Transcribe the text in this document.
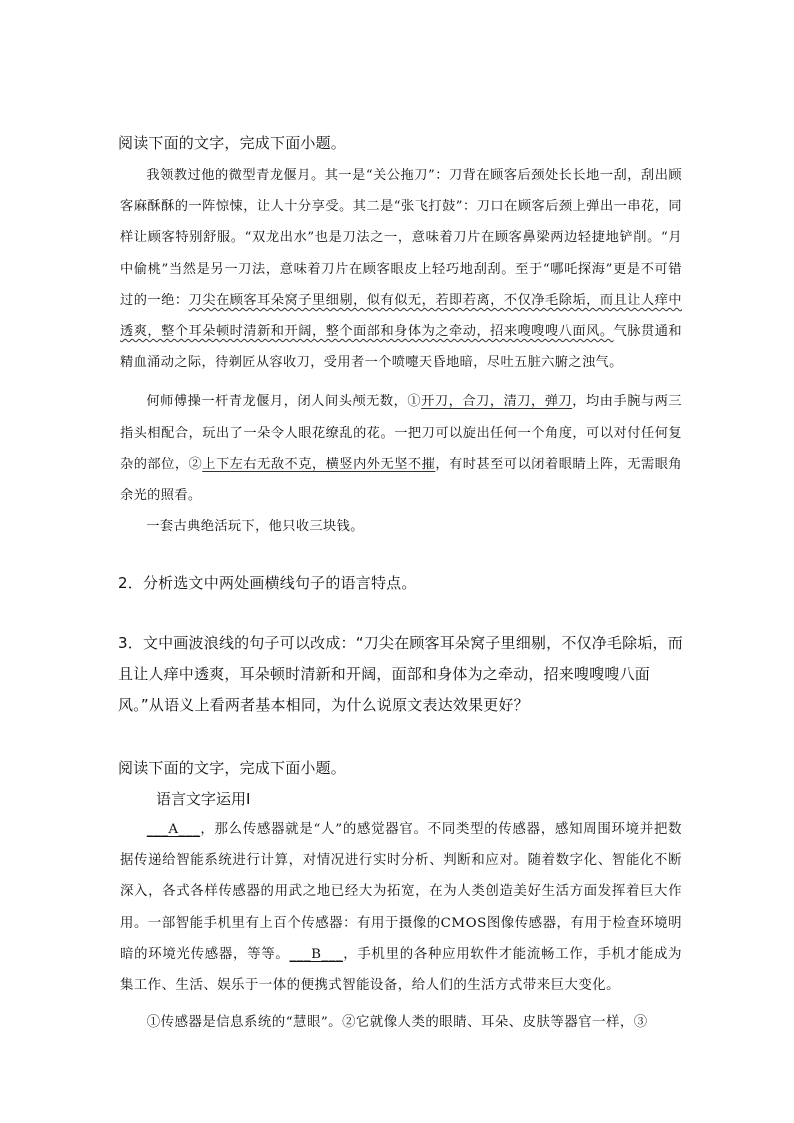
阅读下面的文字，完成下面小题。

我领教过他的微型青龙偃月。其一是“关公拖刀”：刀背在顾客后颈处长长地一刮，刮出顾客麻酥酥的一阵惊悚，让人十分享受。其二是“张飞打鼓”：刀口在顾客后颈上弹出一串花，同样让顾客特别舒服。“双龙出水”也是刀法之一，意味着刀片在顾客鼻梁两边轻捷地铲削。“月中偷桃”当然是另一刀法，意味着刀片在顾客眼皮上轻巧地刮刮。至于“哪吒探海”更是不可错过的一绝：刀尖在顾客耳朵窝子里细剔，似有似无，若即若离，不仅净毛除垢，而且让人痒中透爽，整个耳朵顿时清新和开阔，整个面部和身体为之牵动，招来嗖嗖嗖八面风。气脉贯通和精血涌动之际，待剃匠从容收刀，受用者一个喷嚏天昏地暗，尽吐五脏六腑之浊气。

何师傅操一杆青龙偃月，闭人间头颅无数，①开刀，合刀，清刀，弹刀，均由手腕与两三指头相配合，玩出了一朵令人眼花缭乱的花。一把刀可以旋出任何一个角度，可以对付任何复杂的部位，②上下左右无敌不克，横竖内外无坚不摧，有时甚至可以闭着眼睛上阵，无需眼角余光的照看。

一套古典绝活玩下，他只收三块钱。

2．分析选文中两处画横线句子的语言特点。

3．文中画波浪线的句子可以改成：“刀尖在顾客耳朵窝子里细剔，不仅净毛除垢，而且让人痒中透爽，耳朵顿时清新和开阔，面部和身体为之牵动，招来嗖嗖嗖八面风。”从语义上看两者基本相同，为什么说原文表达效果更好？

阅读下面的文字，完成下面小题。
语言文字运用Ⅰ

___A___，那么传感器就是“人”的感觉器官。不同类型的传感器，感知周围环境并把数据传递给智能系统进行计算，对情况进行实时分析、判断和应对。随着数字化、智能化不断深入，各式各样传感器的用武之地已经大为拓宽，在为人类创造美好生活方面发挥着巨大作用。一部智能手机里有上百个传感器：有用于摄像的CMOS图像传感器，有用于检查环境明暗的环境光传感器，等等。___B___，手机里的各种应用软件才能流畅工作，手机才能成为集工作、生活、娱乐于一体的便携式智能设备，给人们的生活方式带来巨大变化。

①传感器是信息系统的“慧眼”。②它就像人类的眼睛、耳朵、皮肤等器官一样，③
